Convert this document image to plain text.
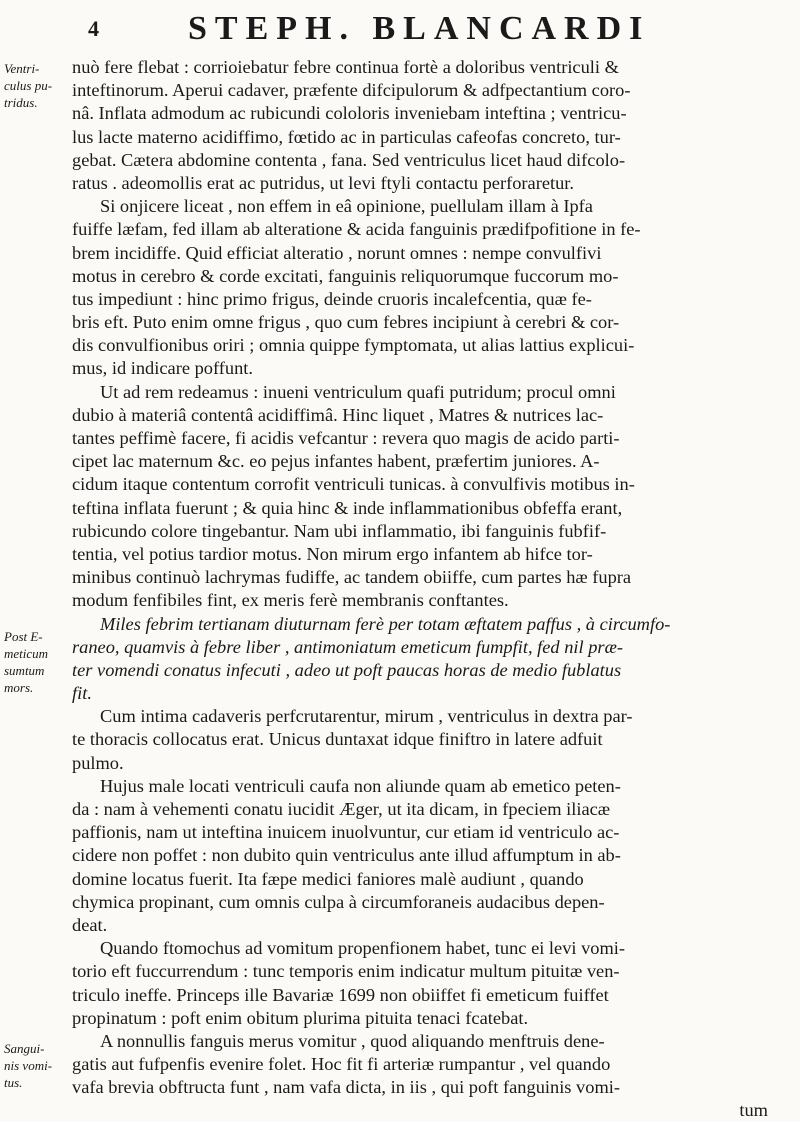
4	STEPH. BLANCARDI
Ventri-
culus pu-
tridus.
Post E-
meticum
sumtum
mors.
Sangui-
nis vomi-
tus.
nuò fere flebat : corrioiebatur febre continua fortè a doloribus ventriculi &
inteftinorum. Aperui cadaver, præfente difcipulorum & adfpectantium coro-
nâ. Inflata admodum ac rubicundi cololoris inveniebam inteftina ; ventricu-
lus lacte materno acidiffimo, fœtido ac in particulas cafeofas concreto, tur-
gebat. Cætera abdomine contenta , fana. Sed ventriculus licet haud difcolo-
ratus . adeomollis erat ac putridus, ut levi ftyli contactu perforaretur.
Si onjicere liceat , non effem in eâ opinione, puellulam illam à Ipfa
fuiffe læfam, fed illam ab alteratione & acida fanguinis prædifpofitione in fe-
brem incidiffe. Quid efficiat alteratio , norunt omnes : nempe convulfivi
motus in cerebro & corde excitati, fanguinis reliquorumque fuccorum mo-
tus impediunt : hinc primo frigus, deinde cruoris incalefcentia, quæ fe-
bris eft. Puto enim omne frigus , quo cum febres incipiunt à cerebri & cor-
dis convulfionibus oriri ; omnia quippe fymptomata, ut alias lattius explicui-
mus, id indicare poffunt.
Ut ad rem redeamus : inueni ventriculum quafi putridum; procul omni
dubio à materiâ contentâ acidiffimâ. Hinc liquet , Matres & nutrices lac-
tantes peffimè facere, fi acidis vefcantur : revera quo magis de acido parti-
cipet lac maternum &c. eo pejus infantes habent, præfertim juniores. A-
cidum itaque contentum corrofit ventriculi tunicas. à convulfivis motibus in-
teftina inflata fuerunt ; & quia hinc & inde inflammationibus obfeffa erant,
rubicundo colore tingebantur. Nam ubi inflammatio, ibi fanguinis fubfif-
tentia, vel potius tardior motus. Non mirum ergo infantem ab hifce tor-
minibus continuò lachrymas fudiffe, ac tandem obiiffe, cum partes hæ fupra
modum fenfibiles fint, ex meris ferè membranis conftantes.
Miles febrim tertianam diuturnam ferè per totam æftatem paffus , à circumfo-
raneo, quamvis à febre liber , antimoniatum emeticum fumpfit, fed nil præ-
ter vomendi conatus infecuti , adeo ut poft paucas horas de medio fublatus
fit.
Cum intima cadaveris perfcrutarentur, mirum , ventriculus in dextra par-
te thoracis collocatus erat. Unicus duntaxat idque finiftro in latere adfuit
pulmo.
Hujus male locati ventriculi caufa non aliunde quam ab emetico peten-
da : nam à vehementi conatu iucidit Æger, ut ita dicam, in fpeciem iliacæ
paffionis, nam ut inteftina inuicem inuolvuntur, cur etiam id ventriculo ac-
cidere non poffet : non dubito quin ventriculus ante illud affumptum in ab-
domine locatus fuerit. Ita fæpe medici faniores malè audiunt , quando
chymica propinant, cum omnis culpa à circumforaneis audacibus depen-
deat.
Quando ftomochus ad vomitum propenfionem habet, tunc ei levi vomi-
torio eft fuccurrendum : tunc temporis enim indicatur multum pituitæ ven-
triculo ineffe. Princeps ille Bavariæ 1699 non obiiffet fi emeticum fuiffet
propinatum : poft enim obitum plurima pituita tenaci fcatebat.
A nonnullis fanguis merus vomitur , quod aliquando menftruis dene-
gatis aut fufpenfis evenire folet. Hoc fit fi arteriæ rumpantur , vel quando
vafa brevia obftructa funt , nam vafa dicta, in iis , qui poft fanguinis vomi-
tum
